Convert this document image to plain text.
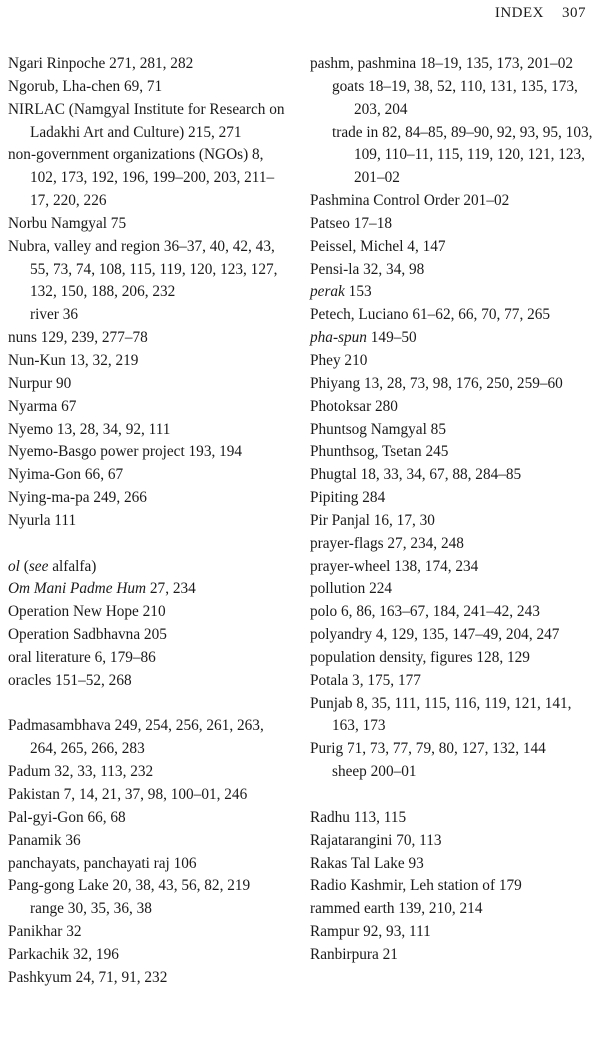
INDEX 307
Ngari Rinpoche 271, 281, 282
Ngorub, Lha-chen 69, 71
NIRLAC (Namgyal Institute for Research on Ladakhi Art and Culture) 215, 271
non-government organizations (NGOs) 8, 102, 173, 192, 196, 199–200, 203, 211–17, 220, 226
Norbu Namgyal 75
Nubra, valley and region 36–37, 40, 42, 43, 55, 73, 74, 108, 115, 119, 120, 123, 127, 132, 150, 188, 206, 232
river 36
nuns 129, 239, 277–78
Nun-Kun 13, 32, 219
Nurpur 90
Nyarma 67
Nyemo 13, 28, 34, 92, 111
Nyemo-Basgo power project 193, 194
Nyima-Gon 66, 67
Nying-ma-pa 249, 266
Nyurla 111
ol (see alfalfa)
Om Mani Padme Hum 27, 234
Operation New Hope 210
Operation Sadbhavna 205
oral literature 6, 179–86
oracles 151–52, 268
Padmasambhava 249, 254, 256, 261, 263, 264, 265, 266, 283
Padum 32, 33, 113, 232
Pakistan 7, 14, 21, 37, 98, 100–01, 246
Pal-gyi-Gon 66, 68
Panamik 36
panchayats, panchayati raj 106
Pang-gong Lake 20, 38, 43, 56, 82, 219
range 30, 35, 36, 38
Panikhar 32
Parkachik 32, 196
Pashkyum 24, 71, 91, 232
pashm, pashmina 18–19, 135, 173, 201–02
goats 18–19, 38, 52, 110, 131, 135, 173, 203, 204
trade in 82, 84–85, 89–90, 92, 93, 95, 103, 109, 110–11, 115, 119, 120, 121, 123, 201–02
Pashmina Control Order 201–02
Patseo 17–18
Peissel, Michel 4, 147
Pensi-la 32, 34, 98
perak 153
Petech, Luciano 61–62, 66, 70, 77, 265
pha-spun 149–50
Phey 210
Phiyang 13, 28, 73, 98, 176, 250, 259–60
Photoksar 280
Phuntsog Namgyal 85
Phunthsog, Tsetan 245
Phugtal 18, 33, 34, 67, 88, 284–85
Pipiting 284
Pir Panjal 16, 17, 30
prayer-flags 27, 234, 248
prayer-wheel 138, 174, 234
pollution 224
polo 6, 86, 163–67, 184, 241–42, 243
polyandry 4, 129, 135, 147–49, 204, 247
population density, figures 128, 129
Potala 3, 175, 177
Punjab 8, 35, 111, 115, 116, 119, 121, 141, 163, 173
Purig 71, 73, 77, 79, 80, 127, 132, 144
sheep 200–01
Radhu 113, 115
Rajatarangini 70, 113
Rakas Tal Lake 93
Radio Kashmir, Leh station of 179
rammed earth 139, 210, 214
Rampur 92, 93, 111
Ranbirpura 21
